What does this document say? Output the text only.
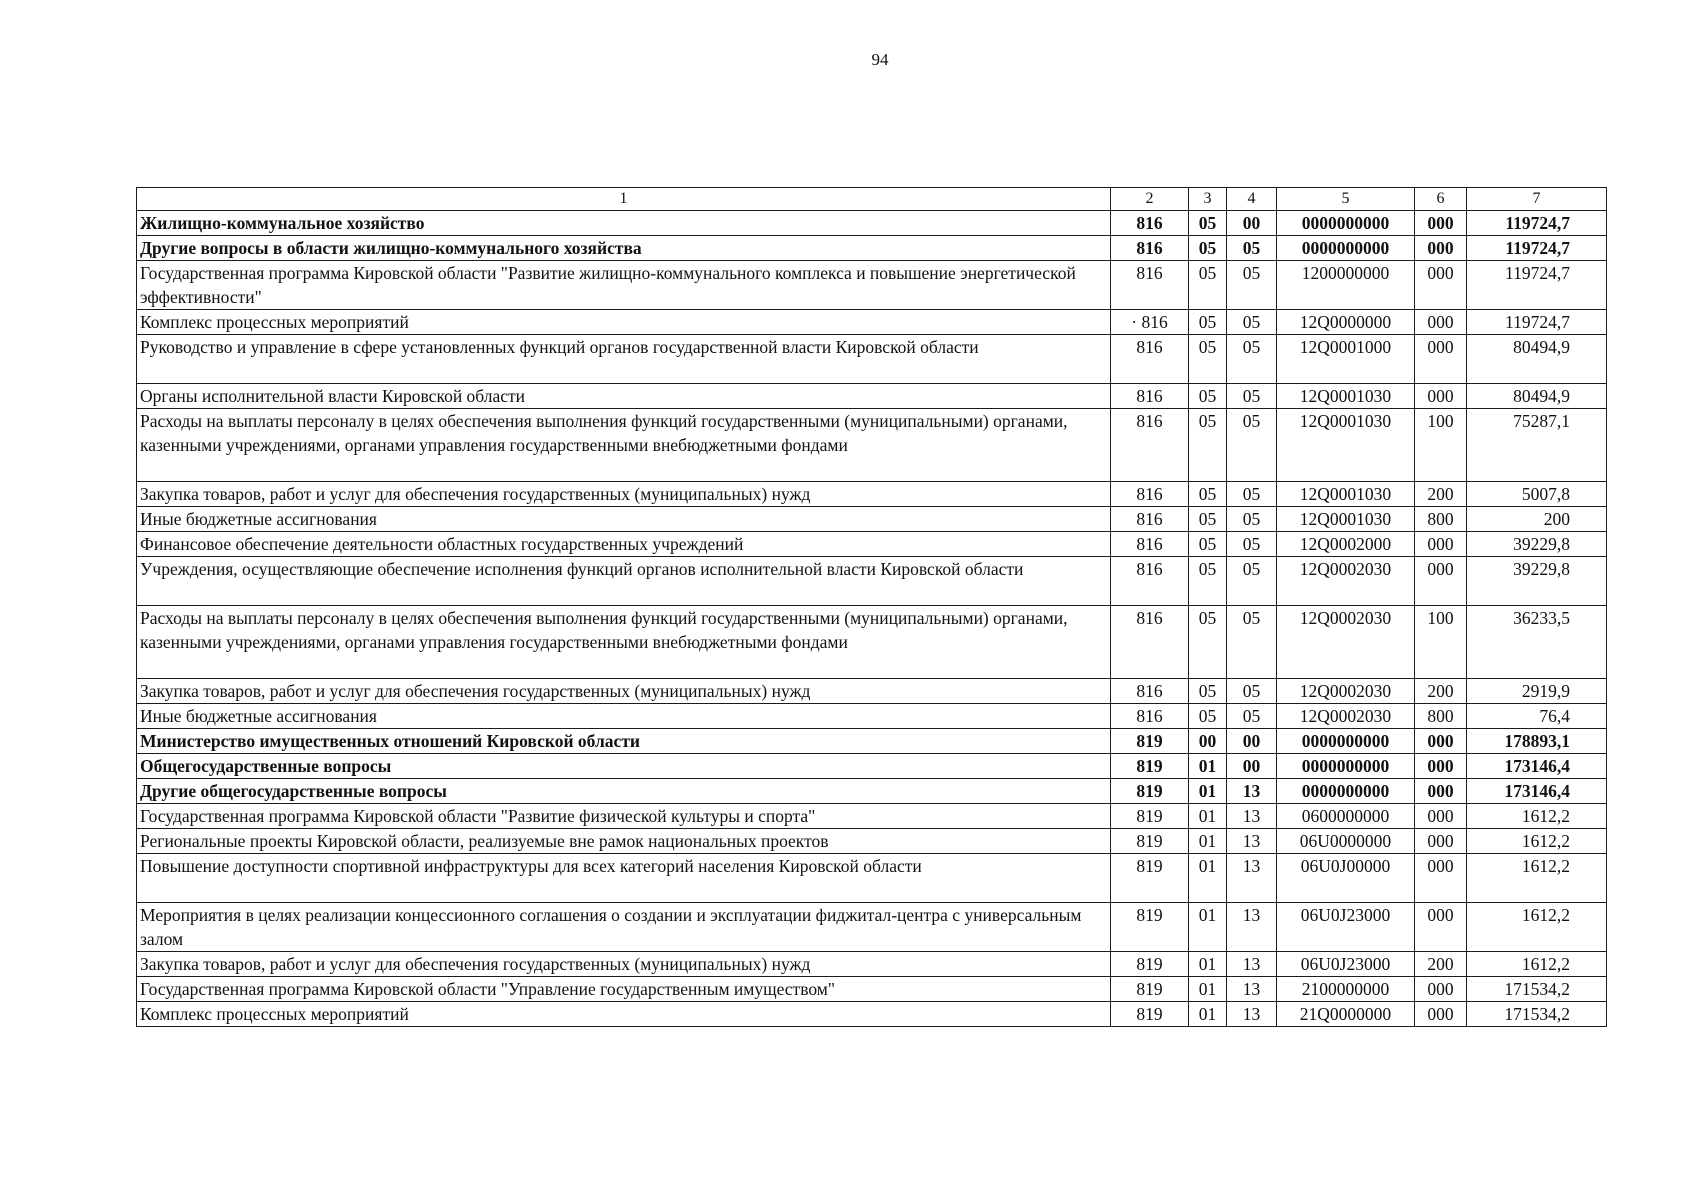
94
1	2	3	4	5	6	7
Жилищно-коммунальное хозяйство	816	05	00	0000000000	000	119724,7
Другие вопросы в области жилищно-коммунального хозяйства	816	05	05	0000000000	000	119724,7
Государственная программа Кировской области "Развитие жилищно-коммунального комплекса и повышение энергетической эффективности"	816	05	05	1200000000	000	119724,7
Комплекс процессных мероприятий	· 816	05	05	12Q0000000	000	119724,7
Руководство и управление в сфере установленных функций органов государственной власти Кировской области	816	05	05	12Q0001000	000	80494,9
Органы исполнительной власти Кировской области	816	05	05	12Q0001030	000	80494,9
Расходы на выплаты персоналу в целях обеспечения выполнения функций государственными (муниципальными) органами, казенными учреждениями, органами управления государственными внебюджетными фондами	816	05	05	12Q0001030	100	75287,1
Закупка товаров, работ и услуг для обеспечения государственных (муниципальных) нужд	816	05	05	12Q0001030	200	5007,8
Иные бюджетные ассигнования	816	05	05	12Q0001030	800	200
Финансовое обеспечение деятельности областных государственных учреждений	816	05	05	12Q0002000	000	39229,8
Учреждения, осуществляющие обеспечение исполнения функций органов исполнительной власти Кировской области	816	05	05	12Q0002030	000	39229,8
Расходы на выплаты персоналу в целях обеспечения выполнения функций государственными (муниципальными) органами, казенными учреждениями, органами управления государственными внебюджетными фондами	816	05	05	12Q0002030	100	36233,5
Закупка товаров, работ и услуг для обеспечения государственных (муниципальных) нужд	816	05	05	12Q0002030	200	2919,9
Иные бюджетные ассигнования	816	05	05	12Q0002030	800	76,4
Министерство имущественных отношений Кировской области	819	00	00	0000000000	000	178893,1
Общегосударственные вопросы	819	01	00	0000000000	000	173146,4
Другие общегосударственные вопросы	819	01	13	0000000000	000	173146,4
Государственная программа Кировской области "Развитие физической культуры и спорта"	819	01	13	0600000000	000	1612,2
Региональные проекты Кировской области, реализуемые вне рамок национальных проектов	819	01	13	06U0000000	000	1612,2
Повышение доступности спортивной инфраструктуры для всех категорий населения Кировской области	819	01	13	06U0J00000	000	1612,2
Мероприятия в целях реализации концессионного соглашения о создании и эксплуатации фиджитал-центра с универсальным залом	819	01	13	06U0J23000	000	1612,2
Закупка товаров, работ и услуг для обеспечения государственных (муниципальных) нужд	819	01	13	06U0J23000	200	1612,2
Государственная программа Кировской области "Управление государственным имуществом"	819	01	13	2100000000	000	171534,2
Комплекс процессных мероприятий	819	01	13	21Q0000000	000	171534,2
